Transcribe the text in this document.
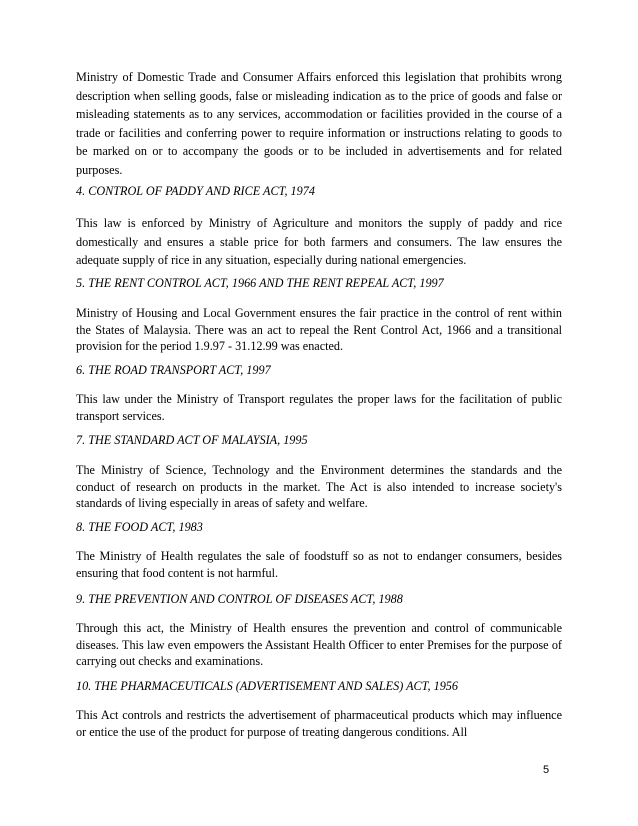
Ministry of Domestic Trade and Consumer Affairs enforced this legislation that prohibits wrong description when selling goods, false or misleading indication as to the price of goods and false or misleading statements as to any services, accommodation or facilities provided in the course of a trade or facilities and conferring power to require information or instructions relating to goods to be marked on or to accompany the goods or to be included in advertisements and for related purposes.

4. CONTROL OF PADDY AND RICE ACT, 1974

This law is enforced by Ministry of Agriculture and monitors the supply of paddy and rice domestically and ensures a stable price for both farmers and consumers. The law ensures the adequate supply of rice in any situation, especially during national emergencies.

5. THE RENT CONTROL ACT, 1966 AND THE RENT REPEAL ACT, 1997

Ministry of Housing and Local Government ensures the fair practice in the control of rent within the States of Malaysia. There was an act to repeal the Rent Control Act, 1966 and a transitional provision for the period 1.9.97 - 31.12.99 was enacted.

6. THE ROAD TRANSPORT ACT, 1997

This law under the Ministry of Transport regulates the proper laws for the facilitation of public transport services.

7. THE STANDARD ACT OF MALAYSIA, 1995

The Ministry of Science, Technology and the Environment determines the standards and the conduct of research on products in the market. The Act is also intended to increase society's standards of living especially in areas of safety and welfare.

8. THE FOOD ACT, 1983

The Ministry of Health regulates the sale of foodstuff so as not to endanger consumers, besides ensuring that food content is not harmful.

9. THE PREVENTION AND CONTROL OF DISEASES ACT, 1988

Through this act, the Ministry of Health ensures the prevention and control of communicable diseases. This law even empowers the Assistant Health Officer to enter Premises for the purpose of carrying out checks and examinations.

10. THE PHARMACEUTICALS (ADVERTISEMENT AND SALES) ACT, 1956

This Act controls and restricts the advertisement of pharmaceutical products which may influence or entice the use of the product for purpose of treating dangerous conditions. All

5
